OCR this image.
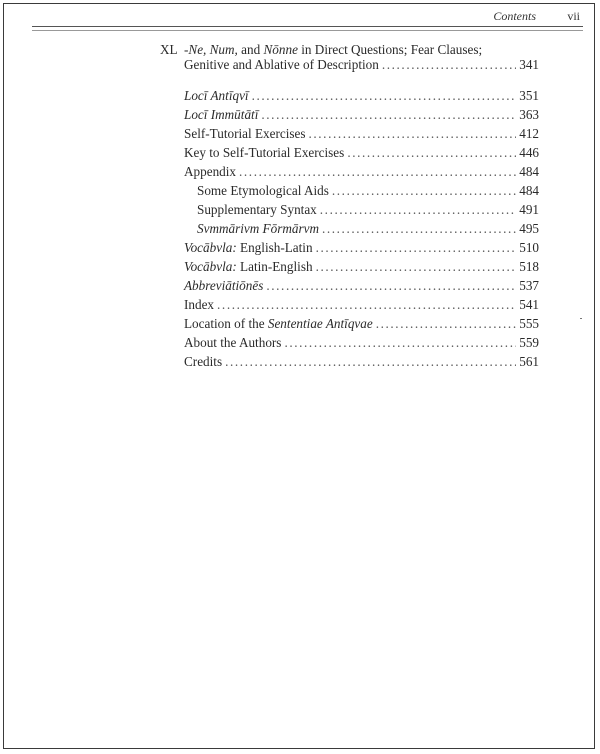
Contents	vii
XL -Ne, Num, and Nōnne in Direct Questions; Fear Clauses;
Genitive and Ablative of Description .....	341
Locī Antīqvī .....	351
Locī Immūtātī .....	363
Self-Tutorial Exercises .....	412
Key to Self-Tutorial Exercises .....	446
Appendix .....	484
Some Etymological Aids .....	484
Supplementary Syntax .....	491
Svmmārivm Fōrmārvm .....	495
Vocābvla: English-Latin .....	510
Vocābvla: Latin-English .....	518
Abbreviātiōnēs .....	537
Index .....	541
Location of the Sententiae Antīqvae .....	555
About the Authors .....	559
Credits .....	561
